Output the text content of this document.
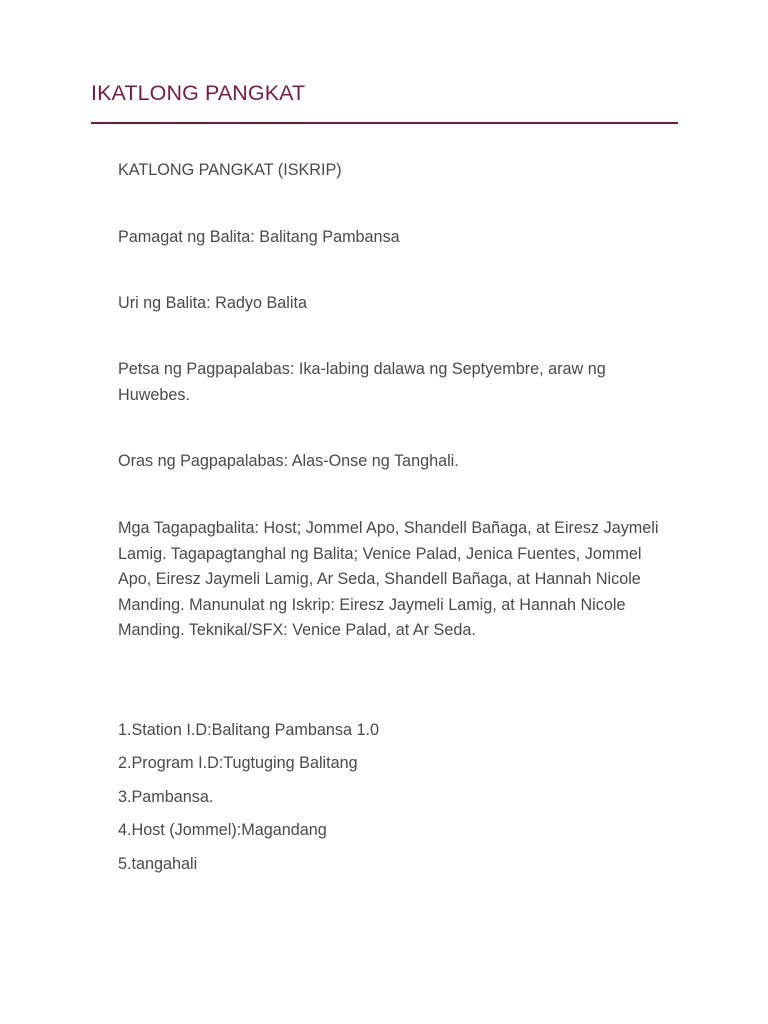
IKATLONG PANGKAT

KATLONG PANGKAT (ISKRIP)

Pamagat ng Balita: Balitang Pambansa

Uri ng Balita: Radyo Balita

Petsa ng Pagpapalabas: Ika-labing dalawa ng Septyembre, araw ng Huwebes.

Oras ng Pagpapalabas: Alas-Onse ng Tanghali.

Mga Tagapagbalita: Host; Jommel Apo, Shandell Bañaga, at Eiresz Jaymeli Lamig. Tagapagtanghal ng Balita; Venice Palad, Jenica Fuentes, Jommel Apo, Eiresz Jaymeli Lamig, Ar Seda, Shandell Bañaga, at Hannah Nicole Manding. Manunulat ng Iskrip: Eiresz Jaymeli Lamig, at Hannah Nicole Manding. Teknikal/SFX: Venice Palad, at Ar Seda.

1.Station I.D:Balitang Pambansa 1.0
2.Program I.D:Tugtuging Balitang
3.Pambansa.
4.Host (Jommel):Magandang
5.tangahali
